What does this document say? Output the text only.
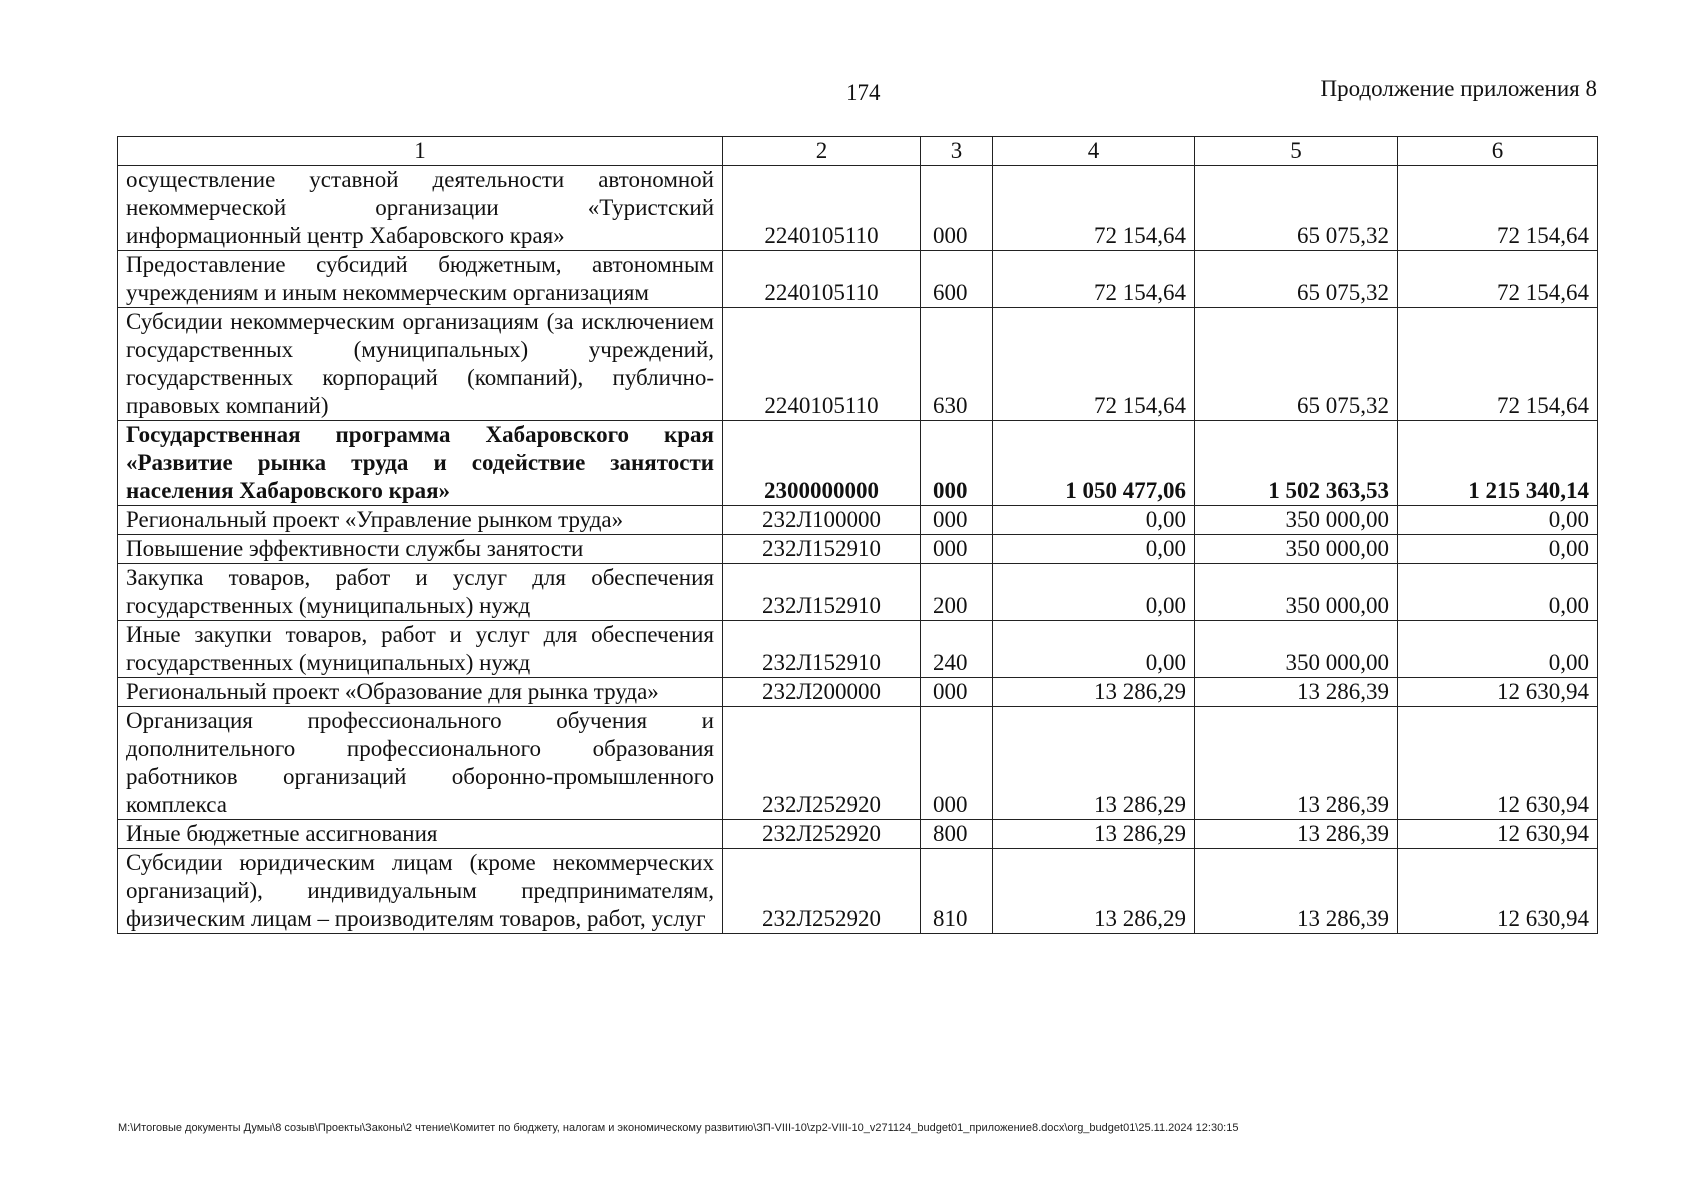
174	Продолжение приложения 8
1	2	3	4	5	6
осуществление уставной деятельности автономной некоммерческой организации «Туристский информационный центр Хабаровского края»	2240105110	000	72 154,64	65 075,32	72 154,64
Предоставление субсидий бюджетным, автономным учреждениям и иным некоммерческим организациям	2240105110	600	72 154,64	65 075,32	72 154,64
Субсидии некоммерческим организациям (за исключением государственных (муниципальных) учреждений, государственных корпораций (компаний), публично-правовых компаний)	2240105110	630	72 154,64	65 075,32	72 154,64
Государственная программа Хабаровского края «Развитие рынка труда и содействие занятости населения Хабаровского края»	2300000000	000	1 050 477,06	1 502 363,53	1 215 340,14
Региональный проект «Управление рынком труда»	232Л100000	000	0,00	350 000,00	0,00
Повышение эффективности службы занятости	232Л152910	000	0,00	350 000,00	0,00
Закупка товаров, работ и услуг для обеспечения государственных (муниципальных) нужд	232Л152910	200	0,00	350 000,00	0,00
Иные закупки товаров, работ и услуг для обеспечения государственных (муниципальных) нужд	232Л152910	240	0,00	350 000,00	0,00
Региональный проект «Образование для рынка труда»	232Л200000	000	13 286,29	13 286,39	12 630,94
Организация профессионального обучения и дополнительного профессионального образования работников организаций оборонно-промышленного комплекса	232Л252920	000	13 286,29	13 286,39	12 630,94
Иные бюджетные ассигнования	232Л252920	800	13 286,29	13 286,39	12 630,94
Субсидии юридическим лицам (кроме некоммерческих организаций), индивидуальным предпринимателям, физическим лицам – производителям товаров, работ, услуг	232Л252920	810	13 286,29	13 286,39	12 630,94
M:\Итоговые документы Думы\8 созыв\Проекты\Законы\2 чтение\Комитет по бюджету, налогам и экономическому развитию\ЗП-VIII-10\zp2-VIII-10_v271124_budget01_приложение8.docx\org_budget01\25.11.2024 12:30:15
